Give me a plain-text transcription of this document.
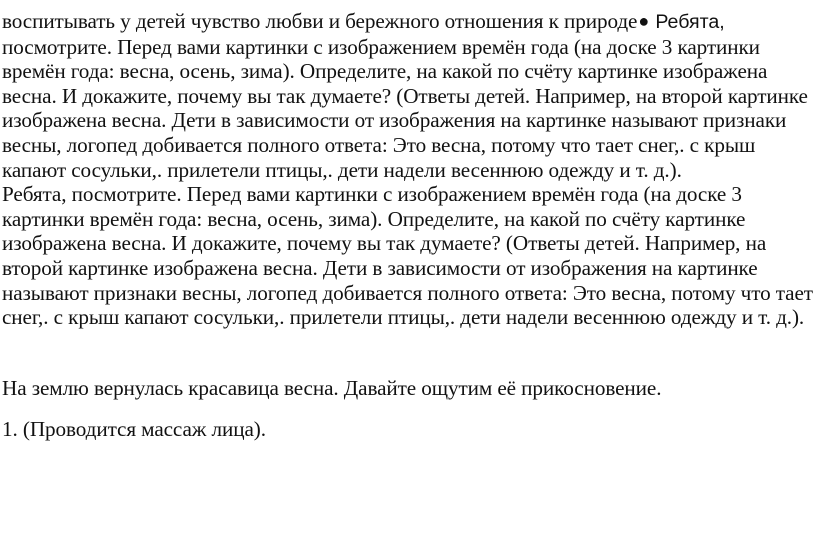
воспитывать у детей чувство любви и бережного отношения к природе● Ребята, посмотрите. Перед вами картинки с изображением времён года (на доске 3 картинки времён года: весна, осень, зима). Определите, на какой по счёту картинке изображена весна. И докажите, почему вы так думаете? (Ответы детей. Например, на второй картинке изображена весна. Дети в зависимости от изображения на картинке называют признаки весны, логопед добивается полного ответа: Это весна, потому что тает снег,. с крыш капают сосульки,. прилетели птицы,. дети надели весеннюю одежду и т. д.).

Ребята, посмотрите. Перед вами картинки с изображением времён года (на доске 3 картинки времён года: весна, осень, зима). Определите, на какой по счёту картинке изображена весна. И докажите, почему вы так думаете? (Ответы детей. Например, на второй картинке изображена весна. Дети в зависимости от изображения на картинке называют признаки весны, логопед добивается полного ответа: Это весна, потому что тает снег,. с крыш капают сосульки,. прилетели птицы,. дети надели весеннюю одежду и т. д.).

На землю вернулась красавица весна. Давайте ощутим её прикосновение.

1. (Проводится массаж лица).
